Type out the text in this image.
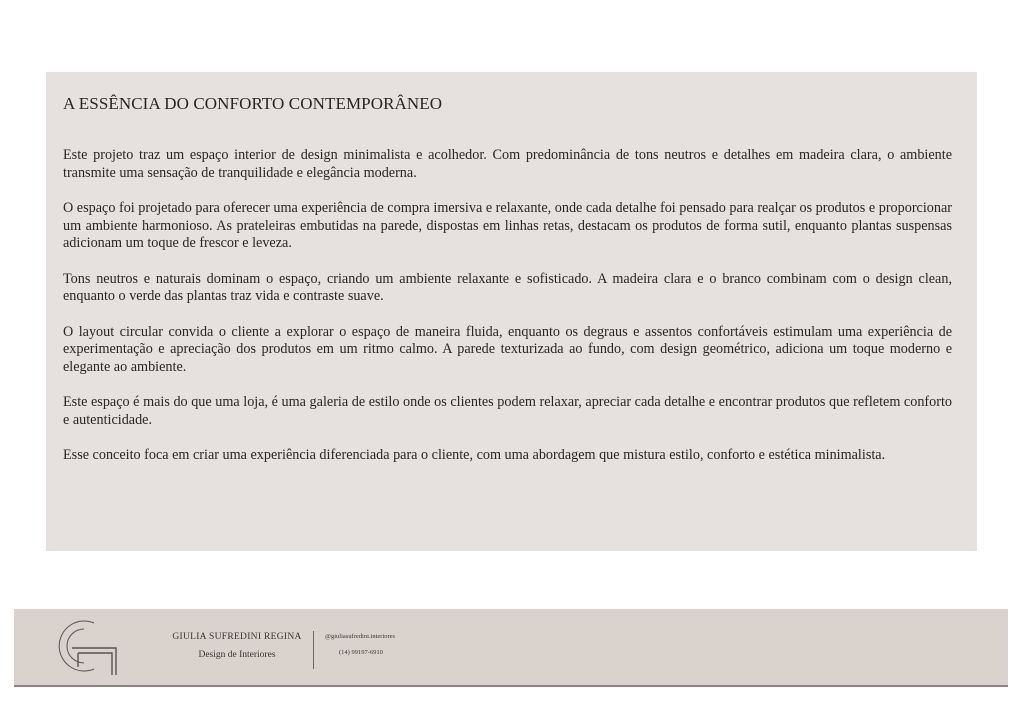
A ESSÊNCIA DO CONFORTO CONTEMPORÂNEO

Este projeto traz um espaço interior de design minimalista e acolhedor. Com predominância de tons neutros e detalhes em madeira clara, o ambiente transmite uma sensação de tranquilidade e elegância moderna.

O espaço foi projetado para oferecer uma experiência de compra imersiva e relaxante, onde cada detalhe foi pensado para realçar os produtos e proporcionar um ambiente harmonioso. As prateleiras embutidas na parede, dispostas em linhas retas, destacam os produtos de forma sutil, enquanto plantas suspensas adicionam um toque de frescor e leveza.

Tons neutros e naturais dominam o espaço, criando um ambiente relaxante e sofisticado. A madeira clara e o branco combinam com o design clean, enquanto o verde das plantas traz vida e contraste suave.

O layout circular convida o cliente a explorar o espaço de maneira fluida, enquanto os degraus e assentos confortáveis estimulam uma experiência de experimentação e apreciação dos produtos em um ritmo calmo. A parede texturizada ao fundo, com design geométrico, adiciona um toque moderno e elegante ao ambiente.

Este espaço é mais do que uma loja, é uma galeria de estilo onde os clientes podem relaxar, apreciar cada detalhe e encontrar produtos que refletem conforto e autenticidade.

Esse conceito foca em criar uma experiência diferenciada para o cliente, com uma abordagem que mistura estilo, conforto e estética minimalista.

GIULIA SUFREDINI REGINA
Design de Interiores
@giuliasufredini.interiores
(14) 99197-6910
